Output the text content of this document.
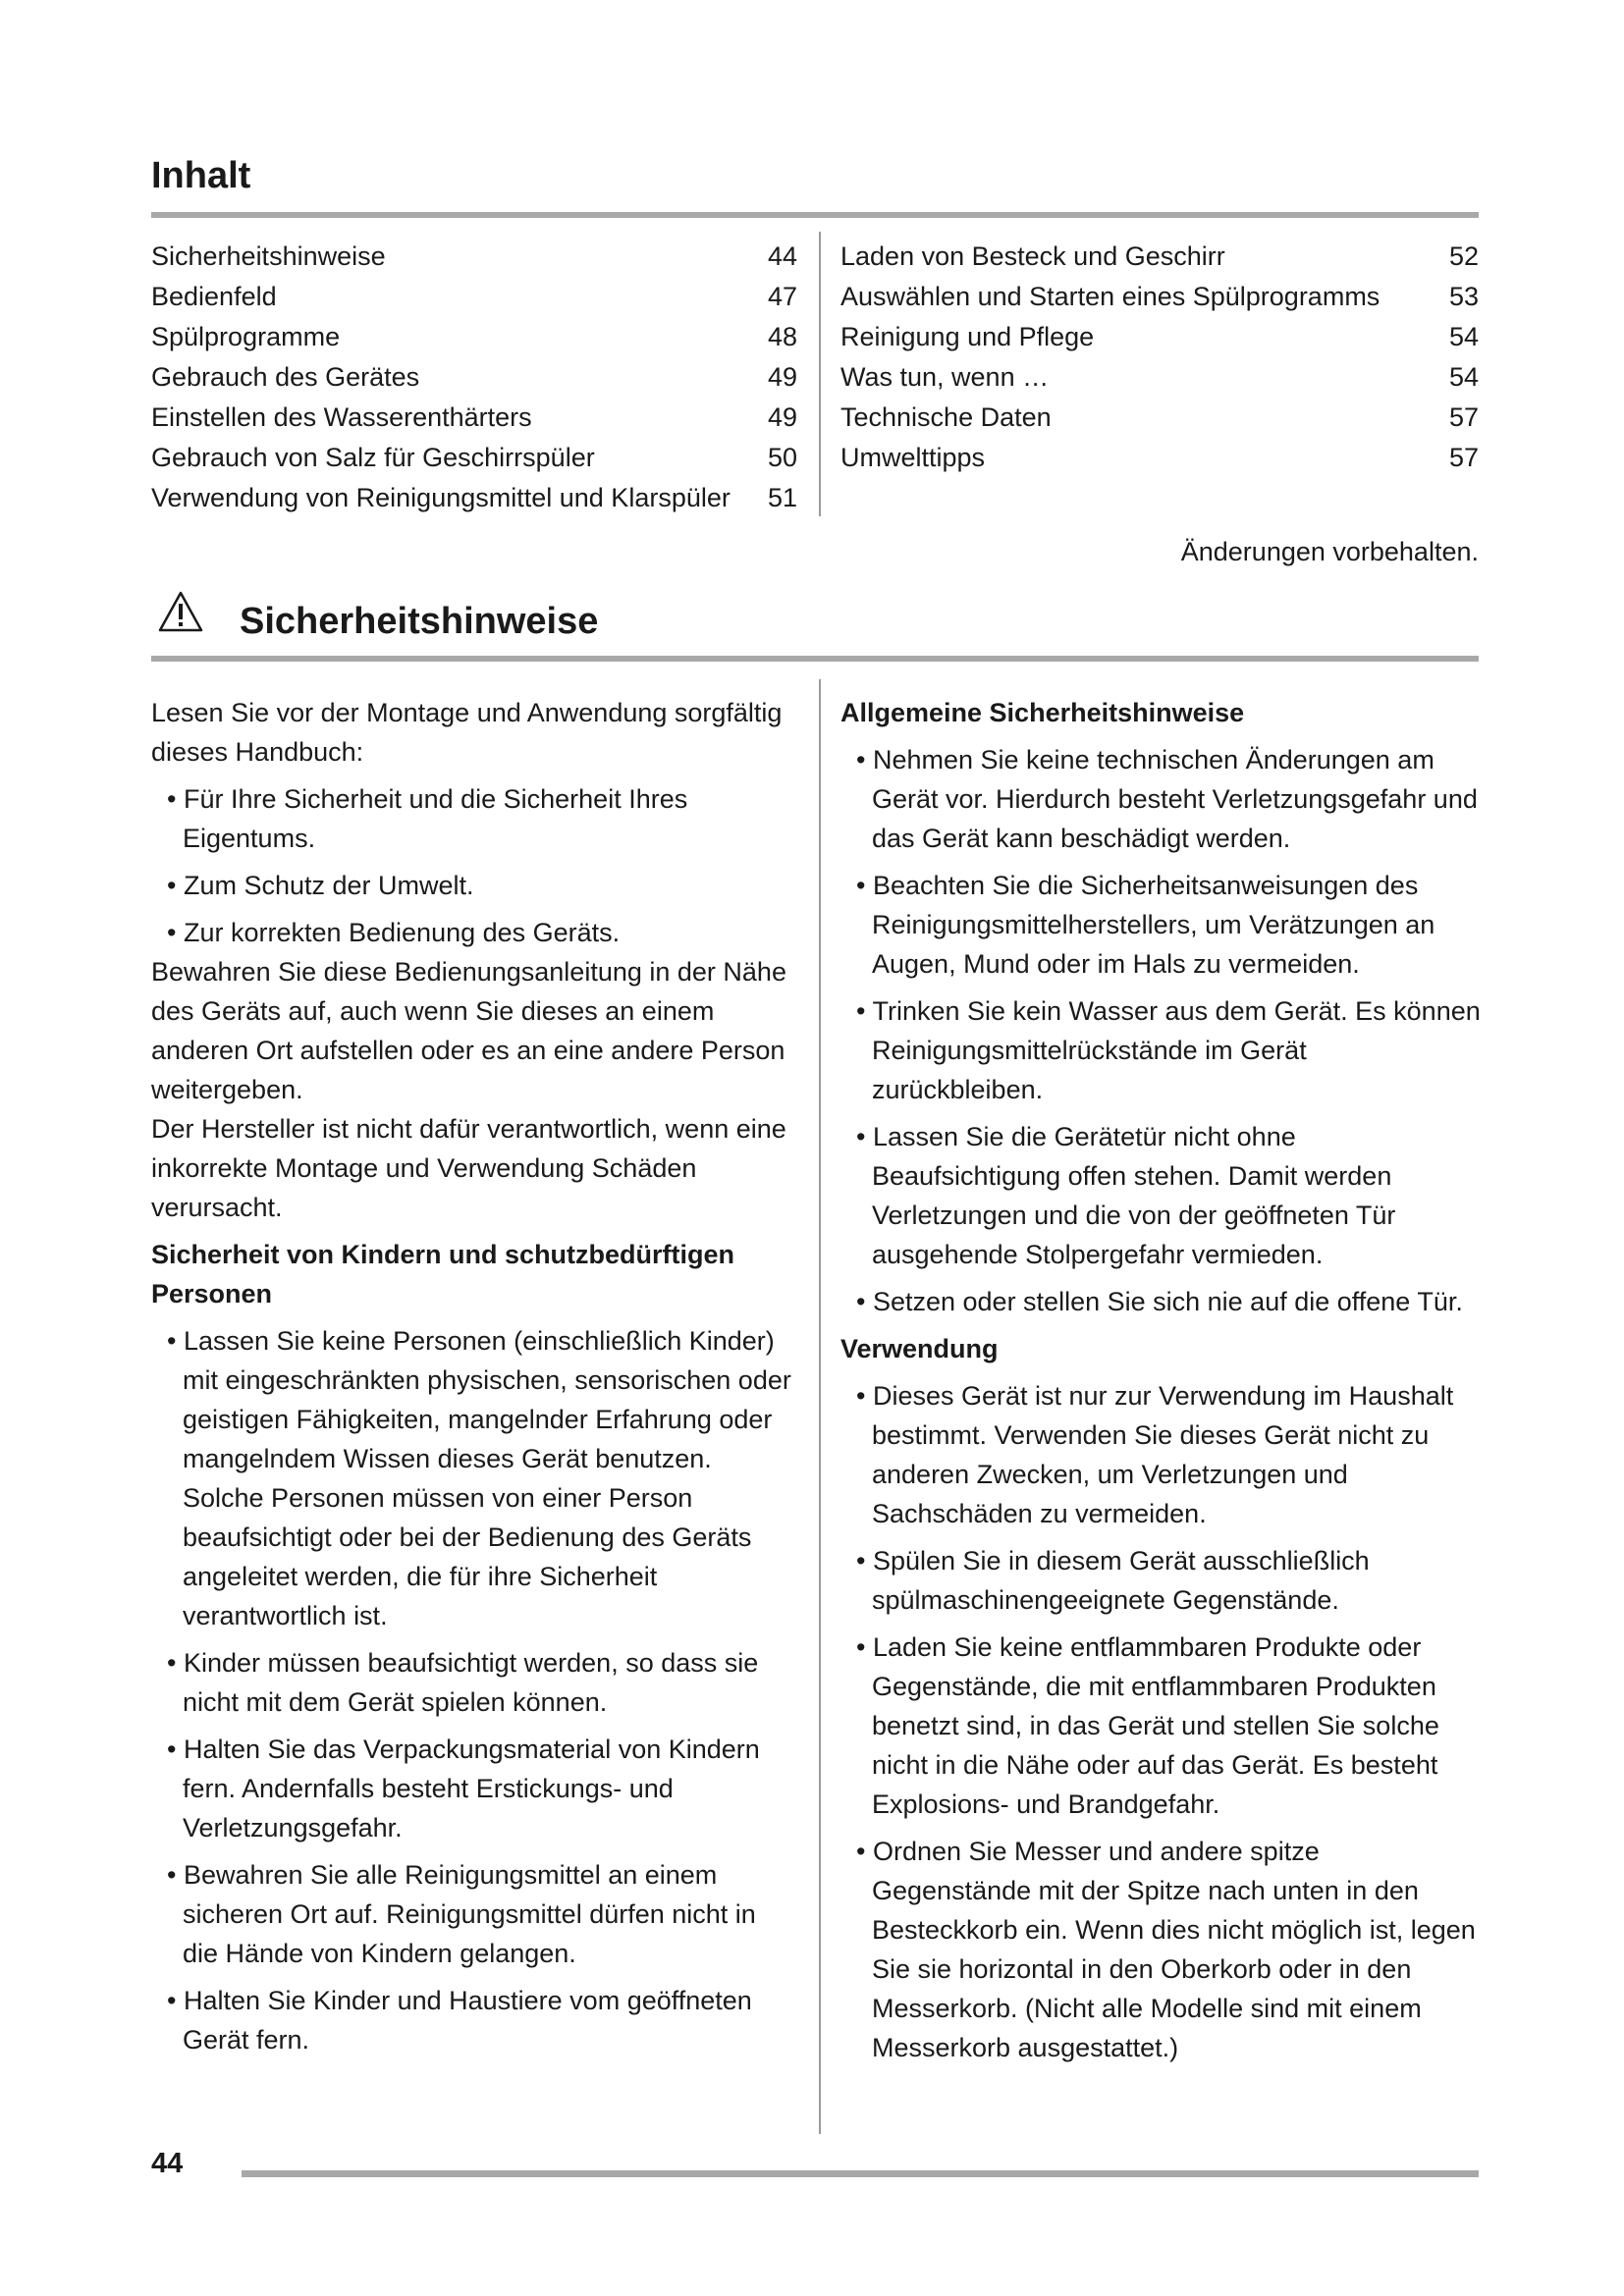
Inhalt
Sicherheitshinweise	44
Bedienfeld	47
Spülprogramme	48
Gebrauch des Gerätes	49
Einstellen des Wasserenthärters	49
Gebrauch von Salz für Geschirrspüler	50
Verwendung von Reinigungsmittel und Klarspüler 51
Laden von Besteck und Geschirr	52
Auswählen und Starten eines Spülprogramms	53
Reinigung und Pflege	54
Was tun, wenn …	54
Technische Daten	57
Umwelttipps	57
Änderungen vorbehalten.
Sicherheitshinweise

Lesen Sie vor der Montage und Anwendung sorgfältig dieses Handbuch:

• Für Ihre Sicherheit und die Sicherheit Ihres Eigentums.

• Zum Schutz der Umwelt.

• Zur korrekten Bedienung des Geräts.

Bewahren Sie diese Bedienungsanleitung in der Nähe des Geräts auf, auch wenn Sie dieses an einem anderen Ort aufstellen oder es an eine andere Person weitergeben.

Der Hersteller ist nicht dafür verantwortlich, wenn eine inkorrekte Montage und Verwendung Schäden verursacht.

Sicherheit von Kindern und schutzbedürftigen Personen

• Lassen Sie keine Personen (einschließlich Kinder) mit eingeschränkten physischen, sensorischen oder geistigen Fähigkeiten, mangelnder Erfahrung oder mangelndem Wissen dieses Gerät benutzen. Solche Personen müssen von einer Person beaufsichtigt oder bei der Bedienung des Geräts angeleitet werden, die für ihre Sicherheit verantwortlich ist.

• Kinder müssen beaufsichtigt werden, so dass sie nicht mit dem Gerät spielen können.

• Halten Sie das Verpackungsmaterial von Kindern fern. Andernfalls besteht Erstickungs- und Verletzungsgefahr.

• Bewahren Sie alle Reinigungsmittel an einem sicheren Ort auf. Reinigungsmittel dürfen nicht in die Hände von Kindern gelangen.

• Halten Sie Kinder und Haustiere vom geöffneten Gerät fern.

Allgemeine Sicherheitshinweise

• Nehmen Sie keine technischen Änderungen am Gerät vor. Hierdurch besteht Verletzungsgefahr und das Gerät kann beschädigt werden.

• Beachten Sie die Sicherheitsanweisungen des Reinigungsmittelherstellers, um Verätzungen an Augen, Mund oder im Hals zu vermeiden.

• Trinken Sie kein Wasser aus dem Gerät. Es können Reinigungsmittelrückstände im Gerät zurückbleiben.

• Lassen Sie die Gerätetür nicht ohne Beaufsichtigung offen stehen. Damit werden Verletzungen und die von der geöffneten Tür ausgehende Stolpergefahr vermieden.

• Setzen oder stellen Sie sich nie auf die offene Tür.

Verwendung

• Dieses Gerät ist nur zur Verwendung im Haushalt bestimmt. Verwenden Sie dieses Gerät nicht zu anderen Zwecken, um Verletzungen und Sachschäden zu vermeiden.

• Spülen Sie in diesem Gerät ausschließlich spülmaschinengeeignete Gegenstände.

• Laden Sie keine entflammbaren Produkte oder Gegenstände, die mit entflammbaren Produkten benetzt sind, in das Gerät und stellen Sie solche nicht in die Nähe oder auf das Gerät. Es besteht Explosions- und Brandgefahr.

• Ordnen Sie Messer und andere spitze Gegenstände mit der Spitze nach unten in den Besteckkorb ein. Wenn dies nicht möglich ist, legen Sie sie horizontal in den Oberkorb oder in den Messerkorb. (Nicht alle Modelle sind mit einem Messerkorb ausgestattet.)

44
